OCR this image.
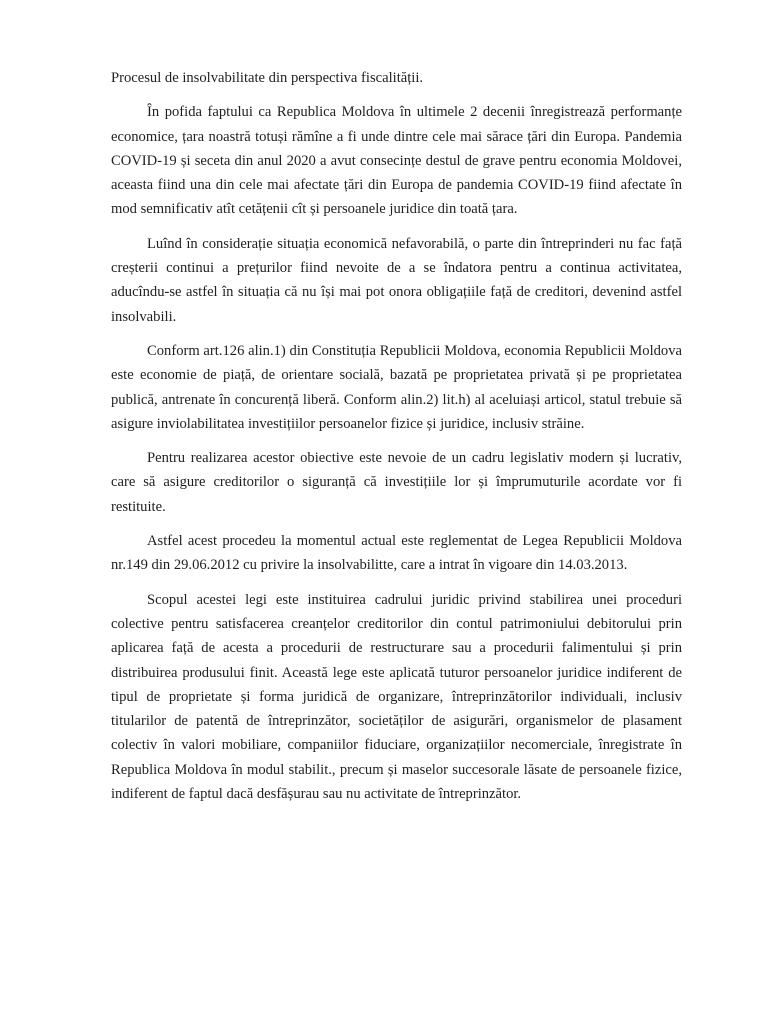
Procesul de insolvabilitate din perspectiva fiscalității.

În pofida faptului ca Republica Moldova în ultimele 2 decenii înregistrează performanțe economice, țara noastră totuși rămîne a fi unde dintre cele mai sărace țări din Europa. Pandemia COVID-19 și seceta din anul 2020 a avut consecințe destul de grave pentru economia Moldovei, aceasta fiind una din cele mai afectate țări din Europa de pandemia COVID-19 fiind afectate în mod semnificativ atît cetățenii cît și persoanele juridice din toată țara.

Luînd în considerație situația economică nefavorabilă, o parte din întreprinderi nu fac față creșterii continui a prețurilor fiind nevoite de a se îndatora pentru a continua activitatea, aducîndu-se astfel în situația că nu își mai pot onora obligațiile față de creditori, devenind astfel insolvabili.

Conform art.126 alin.1) din Constituția Republicii Moldova, economia Republicii Moldova este economie de piață, de orientare socială, bazată pe proprietatea privată și pe proprietatea publică, antrenate în concurență liberă. Conform alin.2) lit.h) al aceluiași articol, statul trebuie să asigure inviolabilitatea investițiilor persoanelor fizice și juridice, inclusiv străine.

Pentru realizarea acestor obiective este nevoie de un cadru legislativ modern și lucrativ, care să asigure creditorilor o siguranță că investițiile lor și împrumuturile acordate vor fi restituite.

Astfel acest procedeu la momentul actual este reglementat de Legea Republicii Moldova nr.149 din 29.06.2012 cu privire la insolvabilitte, care a intrat în vigoare din 14.03.2013.

Scopul acestei legi este instituirea cadrului juridic privind stabilirea unei proceduri colective pentru satisfacerea creanțelor creditorilor din contul patrimoniului debitorului prin aplicarea față de acesta a procedurii de restructurare sau a procedurii falimentului și prin distribuirea produsului finit. Această lege este aplicată tuturor persoanelor juridice indiferent de tipul de proprietate și forma juridică de organizare, întreprinzătorilor individuali, inclusiv titularilor de patentă de întreprinzător, societăților de asigurări, organismelor de plasament colectiv în valori mobiliare, companiilor fiduciare, organizațiilor necomerciale, înregistrate în Republica Moldova în modul stabilit., precum și maselor succesorale lăsate de persoanele fizice, indiferent de faptul dacă desfășurau sau nu activitate de întreprinzător.
